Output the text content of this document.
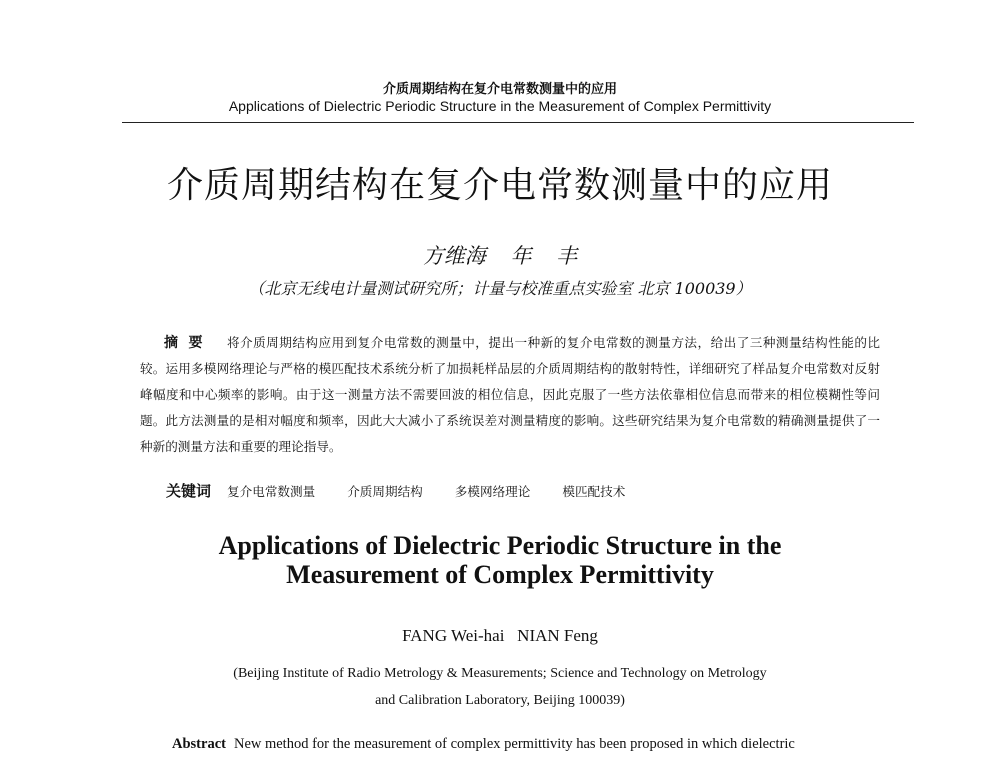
介质周期结构在复介电常数测量中的应用
Applications of Dielectric Periodic Structure in the Measurement of Complex Permittivity
介质周期结构在复介电常数测量中的应用
方维海 年 丰
（北京无线电计量测试研究所；计量与校准重点实验室 北京 100039）
摘要 将介质周期结构应用到复介电常数的测量中，提出一种新的复介电常数的测量方法，给出了三种测量结构性能的比较。运用多模网络理论与严格的模匹配技术系统分析了加损耗样品层的介质周期结构的散射特性，详细研究了样品复介电常数对反射峰幅度和中心频率的影响。由于这一测量方法不需要回波的相位信息，因此克服了一些方法依靠相位信息而带来的相位模糊性等问题。此方法测量的是相对幅度和频率，因此大大减小了系统误差对测量精度的影响。这些研究结果为复介电常数的精确测量提供了一种新的测量方法和重要的理论指导。
关键词 复介电常数测量	介质周期结构	多模网络理论	模匹配技术
Applications of Dielectric Periodic Structure in the
Measurement of Complex Permittivity
FANG Wei-hai   NIAN Feng
(Beijing Institute of Radio Metrology & Measurements; Science and Technology on Metrology
and Calibration Laboratory, Beijing 100039)
Abstract New method for the measurement of complex permittivity has been proposed in which dielectric
